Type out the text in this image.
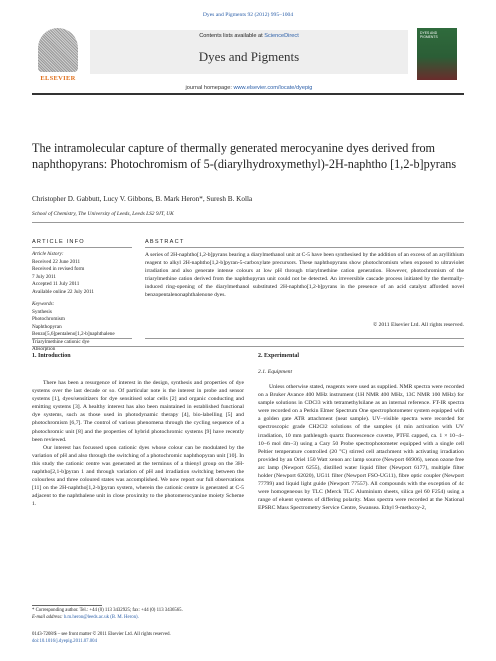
Dyes and Pigments 92 (2012) 995–1004
ELSEVIER
Contents lists available at ScienceDirect
Dyes and Pigments
journal homepage: www.elsevier.com/locate/dyepig
DYES AND PIGMENTS
The intramolecular capture of thermally generated merocyanine dyes derived from naphthopyrans: Photochromism of 5-(diarylhydroxymethyl)-2H-naphtho [1,2-b]pyrans
Christopher D. Gabbutt, Lucy V. Gibbons, B. Mark Heron*, Suresh B. Kolla
School of Chemistry, The University of Leeds, Leeds LS2 9JT, UK
ARTICLE INFO	ABSTRACT
Article history:
Received 22 June 2011
Received in revised form
7 July 2011
Accepted 11 July 2011
Available online 22 July 2011
Keywords:
Synthesis
Photochromism
Naphthopyran
Benzo[5,6]pentaleno[1,2-b]naphthalene
Triarylmethine cationic dye
Absorption
A series of 2H-naphtho[1,2-b]pyrans bearing a diarylmethanol unit at C-5 have been synthesised by the addition of an excess of an aryllithium reagent to alkyl 2H-naphtho[1,2-b]pyran-5-carboxylate precursors. These naphthopyrans show photochromism when exposed to ultraviolet irradiation and also generate intense colours at low pH through triarylmethine cation generation. However, photochromism of the triarylmethine cation derived from the naphthopyran unit could not be detected. An irreversible cascade process initiated by the thermally-induced ring-opening of the diarylmethanol substituted 2H-naphtho[1,2-b]pyrans in the presence of an acid catalyst afforded novel benzopentalenonaphthalenone dyes.
© 2011 Elsevier Ltd. All rights reserved.
1. Introduction	2. Experimental
2.1. Equipment

There has been a resurgence of interest in the design, synthesis and properties of dye systems over the last decade or so. Of particular note is the interest in probe and sensor systems [1], dyes/sensitizers for dye sensitised solar cells [2] and organic conducting and emitting systems [3]. A healthy interest has also been maintained in established functional dye systems, such as those used in photodynamic therapy [4], bio-labelling [5] and photochromism [6,7]. The control of various phenomena through the cycling sequence of a photochromic unit [8] and the properties of hybrid photochromic systems [9] have recently been reviewed.

Our interest has focussed upon cationic dyes whose colour can be modulated by the variation of pH and also through the switching of a photochromic naphthopyran unit [10]. In this study the cationic centre was generated at the terminus of a thienyl group on the 3H-naphtho[2,1-b]pyran 1 and through variation of pH and irradiation switching between the colourless and three coloured states was accomplished. We now report our full observations [11] on the 2H-naphtho[1,2-b]pyran system, wherein the cationic centre is generated at C-5 adjacent to the naphthalene unit in close proximity to the photomerocyanine moiety Scheme 1.

Unless otherwise stated, reagents were used as supplied. NMR spectra were recorded on a Bruker Avance 400 MHz instrument (1H NMR 400 MHz, 13C NMR 100 MHz) for sample solutions in CDCl3 with tetramethylsilane as an internal reference. FT-IR spectra were recorded on a Perkin Elmer Spectrum One spectrophotometer system equipped with a golden gate ATR attachment (neat sample). UV–visible spectra were recorded for spectroscopic grade CH2Cl2 solutions of the samples (4 min activation with UV irradiation, 10 mm pathlength quartz fluorescence cuvette, PTFE capped, ca. 1 × 10−4–10−6 mol dm−3) using a Cary 50 Probe spectrophotometer equipped with a single cell Peltier temperature controlled (20 °C) stirred cell attachment with activating irradiation provided by an Oriel 150 Watt xenon arc lamp source (Newport 66906), xenon ozone free arc lamp (Newport 6255), distilled water liquid filter (Newport 6177), multiple filter holder (Newport 62020), UG11 filter (Newport FSO-UG11), fibre optic coupler (Newport 77799) and liquid light guide (Newport 77557). All compounds with the exception of 4c were homogeneous by TLC (Merck TLC Aluminium sheets, silica gel 60 F254) using a range of eluent systems of differing polarity. Mass spectra were recorded at the National EPSRC Mass Spectrometry Service Centre, Swansea. Ethyl 9-methoxy-2,

* Corresponding author. Tel.: +44 (0) 113 3432925; fax: +44 (0) 113 3436565.
E-mail address: b.m.heron@leeds.ac.uk (B. M. Heron).
0143-7208/$ – see front matter © 2011 Elsevier Ltd. All rights reserved.
doi:10.1016/j.dyepig.2011.07.004
